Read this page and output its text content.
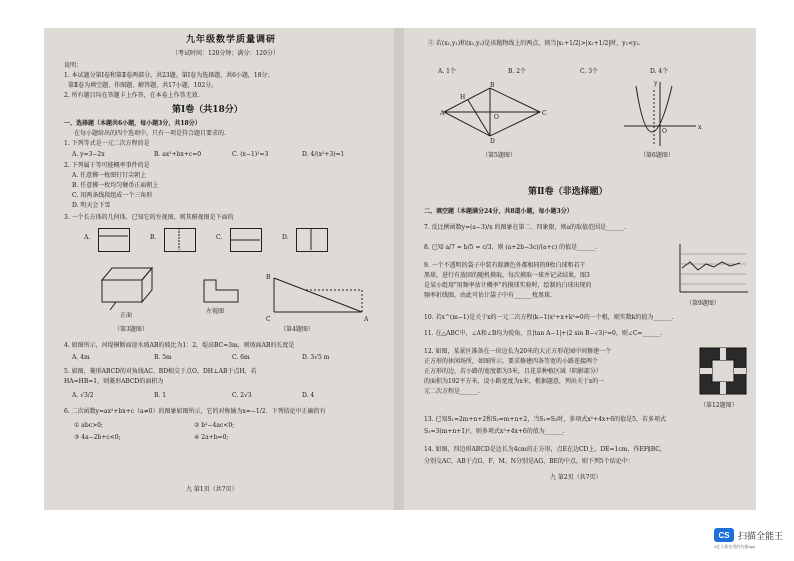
九年级数学质量调研
（考试时间：120分钟；满分：120分）
说明：
1. 本试题分第Ⅰ卷和第Ⅱ卷两部分，共23题。第Ⅰ卷为选择题，共6小题，18分；
第Ⅱ卷为填空题、作图题、解答题，共17小题，102分。
2. 所有题目均在答题卡上作答，在本卷上作答无效.
第Ⅰ卷（共18分）
一、选择题（本题共6小题，每小题3分，共18分）
在每小题给出的四个选项中，只有一项是符合题目要求的.
1. 下列等式是一元二次方程的是
A. y=3−2x	B. ax²+bx+c=0	C. (x−1)²=3	D. 4/(x²+3)=1
2. 下列属于等可能概率事件的是
A. 任意掷一枚图钉钉尖朝上
B. 任意掷一枚均匀硬币正面朝上
C. 用两条线段组成一个三角形
D. 明天会下雪
3. 一个长方体的几何体，已知它的左视图，则其俯视图是下面的
A.	B.	C.	D.
正面
左视图
（第3题图）
B
C	A
（第4题图）
4. 如图所示，河堤横断面迎水坡AB的坡比为1：2，堤高BC=3m，则坡面AB的长度是
A. 4m	B. 5m	C. 6m	D. 3√5 m
5. 如图，菱形ABCD的对角线AC、BD相交于点O，DH⊥AB于点H，若
HA=HB=1，则菱形ABCD的面积为
A. √3/2	B. 1	C. 2√3	D. 4
6. 二次函数y=ax²+bx+c（a≠0）的图象如图所示，它的对称轴为x=−1/2．下列结论中正确的有
① abc>0;	② b²−4ac<0;
③ 4a−2b+c<0;	④ 2a+b=0;
九 第1页（共7页）
⑤ 若(x₁,y₁)和(x₂,y₂)是该抛物线上的两点，则当|x₁+1/2|>|x₂+1/2|时，y₁<y₂.
A. 1个	B. 2个	C. 3个	D. 4个
A
H
B
O
D
C
（第5题图）
y
x
O
（第6题图）
第Ⅱ卷（非选择题）
二、填空题（本题满分24分，共8道小题，每小题3分）
7. 反比例函数y=(a−3)/x 的图象在第二、四象限，则a的取值范围是______.
8. 已知 a/7 = b/5 = c/3，则 (a+2b−3c)/(a+c) 的值是______.
9. 一个不透明的袋子中装有除颜色外都相同的9枚白球和若干
黑球，进行有放回的随机摸取，每次摸取一球并记录结果，图3
是某小组用"用频率估计概率"的摸球实验时，绘制的白球出现的
频率折线图，由此可估计袋子中有______枚黑球.
（第9题图）
10. 若x^(m−1)是关于x的一元二次方程(k−1)x²+x+k²=0的一个根，则实数k的值为______.
11. 在△ABC中，∠A和∠B均为锐角，且|tan A−1|+(2 sin B−√3)²=0，则∠C=______.
12. 如图，某景区准备在一块边长为20米的大正方形花园中间修建一个
正方形的休闲场所，如图所示，要求修建四条等宽的小路连接两个
正方形的边，若小路的宽度都为3米，且花草种植区域（阴影部分）
的面积为192平方米，设小路宽度为x米，根据题意，列出关于x的一
元二次方程是______.
（第12题图）
13. 已知S₁=2m+n+2和S₂=m+n+2，当S₁=S₂时，多项式x²+4x+6的值是5，若多项式
S₁=3(m+n+1)²，则多项式x²+4x+6的值为______.
14. 如图，四边形ABCD是边长为4cm的正方形，点E在边CD上，DE=1cm，作EF∥BC，
分别交AC、AB于点G、F，M、N分别是AG、BE的中点，则下列5个结论中：
九 第2页（共7页）
CS 扫描全能王
3亿人都在用的扫描App
